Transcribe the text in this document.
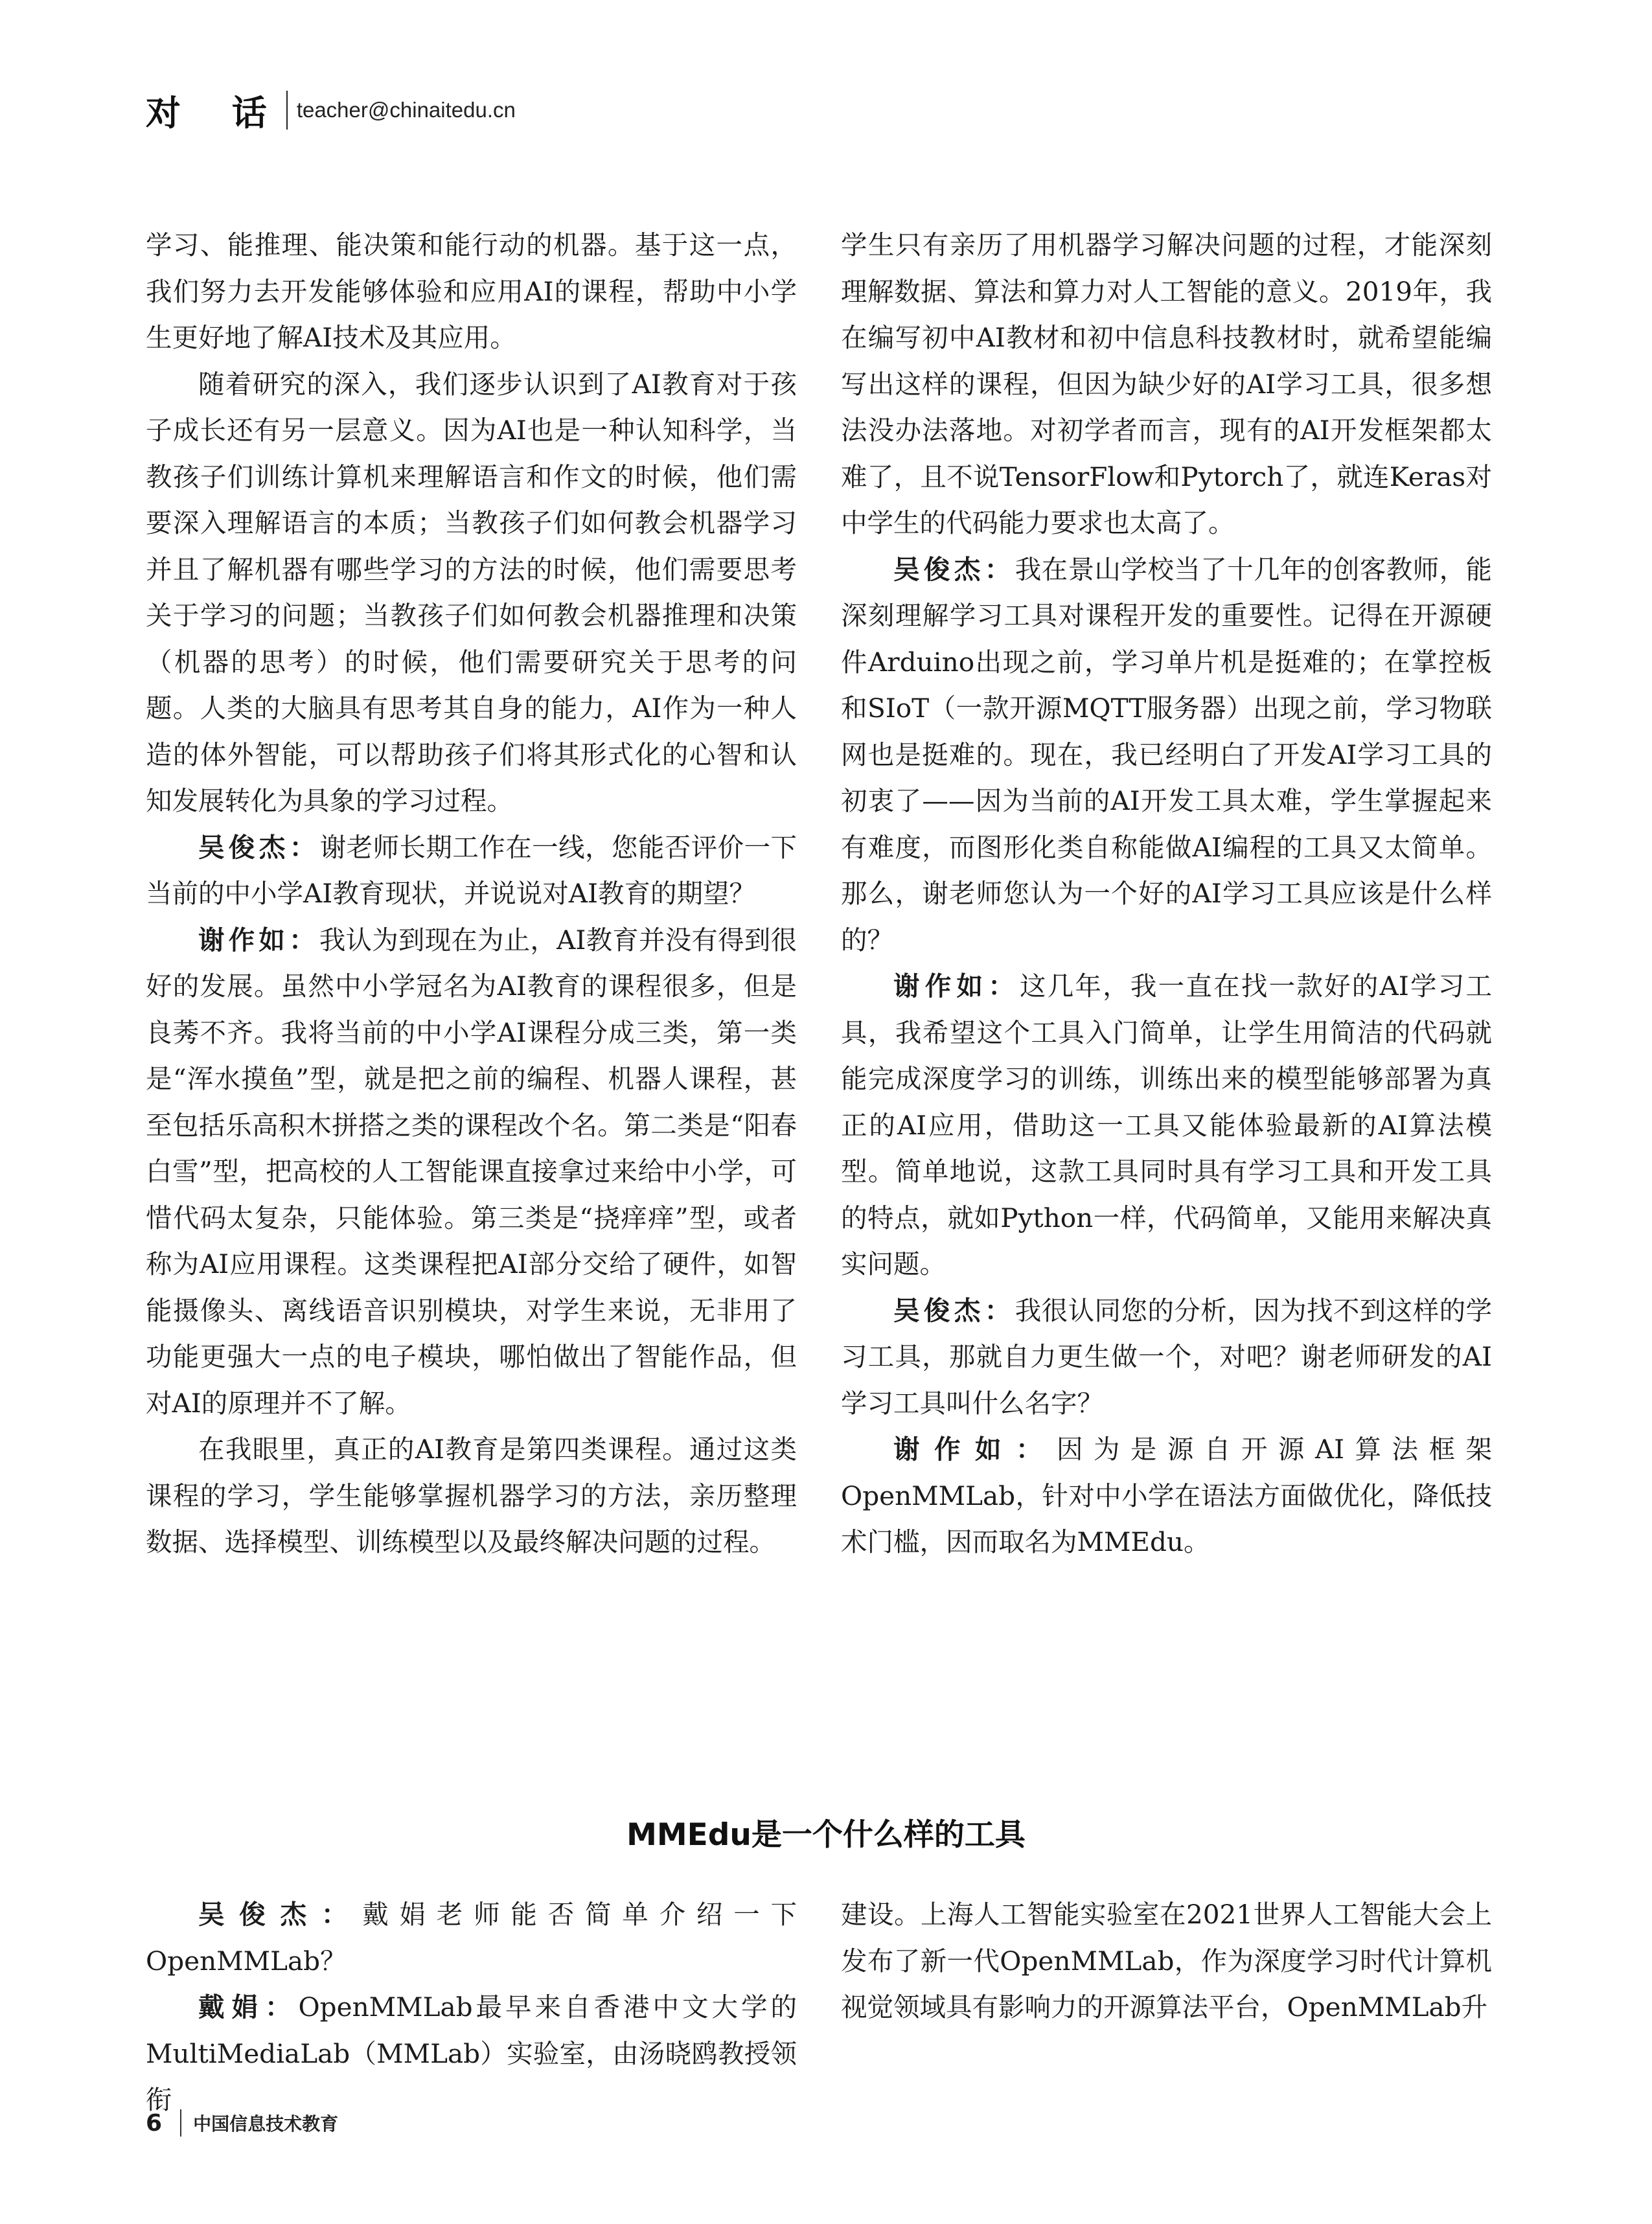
对 话 teacher@chinaitedu.cn

学习、能推理、能决策和能行动的机器。基于这一点，我们努力去开发能够体验和应用AI的课程，帮助中小学生更好地了解AI技术及其应用。

随着研究的深入，我们逐步认识到了AI教育对于孩子成长还有另一层意义。因为AI也是一种认知科学，当教孩子们训练计算机来理解语言和作文的时候，他们需要深入理解语言的本质；当教孩子们如何教会机器学习并且了解机器有哪些学习的方法的时候，他们需要思考关于学习的问题；当教孩子们如何教会机器推理和决策（机器的思考）的时候，他们需要研究关于思考的问题。人类的大脑具有思考其自身的能力，AI作为一种人造的体外智能，可以帮助孩子们将其形式化的心智和认知发展转化为具象的学习过程。

吴俊杰：谢老师长期工作在一线，您能否评价一下当前的中小学AI教育现状，并说说对AI教育的期望？

谢作如：我认为到现在为止，AI教育并没有得到很好的发展。虽然中小学冠名为AI教育的课程很多，但是良莠不齐。我将当前的中小学AI课程分成三类，第一类是“浑水摸鱼”型，就是把之前的编程、机器人课程，甚至包括乐高积木拼搭之类的课程改个名。第二类是“阳春白雪”型，把高校的人工智能课直接拿过来给中小学，可惜代码太复杂，只能体验。第三类是“挠痒痒”型，或者称为AI应用课程。这类课程把AI部分交给了硬件，如智能摄像头、离线语音识别模块，对学生来说，无非用了功能更强大一点的电子模块，哪怕做出了智能作品，但对AI的原理并不了解。

在我眼里，真正的AI教育是第四类课程。通过这类课程的学习，学生能够掌握机器学习的方法，亲历整理数据、选择模型、训练模型以及最终解决问题的过程。

学生只有亲历了用机器学习解决问题的过程，才能深刻理解数据、算法和算力对人工智能的意义。2019年，我在编写初中AI教材和初中信息科技教材时，就希望能编写出这样的课程，但因为缺少好的AI学习工具，很多想法没办法落地。对初学者而言，现有的AI开发框架都太难了，且不说TensorFlow和Pytorch了，就连Keras对中学生的代码能力要求也太高了。

吴俊杰：我在景山学校当了十几年的创客教师，能深刻理解学习工具对课程开发的重要性。记得在开源硬件Arduino出现之前，学习单片机是挺难的；在掌控板和SIoT（一款开源MQTT服务器）出现之前，学习物联网也是挺难的。现在，我已经明白了开发AI学习工具的初衷了——因为当前的AI开发工具太难，学生掌握起来有难度，而图形化类自称能做AI编程的工具又太简单。那么，谢老师您认为一个好的AI学习工具应该是什么样的？

谢作如：这几年，我一直在找一款好的AI学习工具，我希望这个工具入门简单，让学生用简洁的代码就能完成深度学习的训练，训练出来的模型能够部署为真正的AI应用，借助这一工具又能体验最新的AI算法模型。简单地说，这款工具同时具有学习工具和开发工具的特点，就如Python一样，代码简单，又能用来解决真实问题。

吴俊杰：我很认同您的分析，因为找不到这样的学习工具，那就自力更生做一个，对吧？谢老师研发的AI学习工具叫什么名字？

谢作如：因为是源自开源AI算法框架OpenMMLab，针对中小学在语法方面做优化，降低技术门槛，因而取名为MMEdu。

MMEdu是一个什么样的工具

吴俊杰：戴娟老师能否简单介绍一下OpenMMLab？

戴娟：OpenMMLab最早来自香港中文大学的MultiMediaLab（MMLab）实验室，由汤晓鸥教授领衔

建设。上海人工智能实验室在2021世界人工智能大会上发布了新一代OpenMMLab，作为深度学习时代计算机视觉领域具有影响力的开源算法平台，OpenMMLab升

6 中国信息技术教育
